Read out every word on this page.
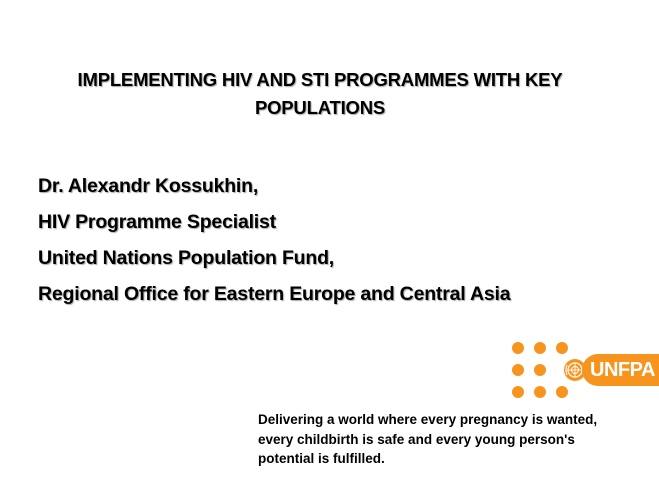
IMPLEMENTING HIV AND STI PROGRAMMES WITH KEY
POPULATIONS
Dr. Alexandr Kossukhin,
HIV Programme Specialist
United Nations Population Fund,
Regional Office for Eastern Europe and Central Asia
UNFPA
Delivering a world where every pregnancy is wanted,
every childbirth is safe and every young person's
potential is fulfilled.
